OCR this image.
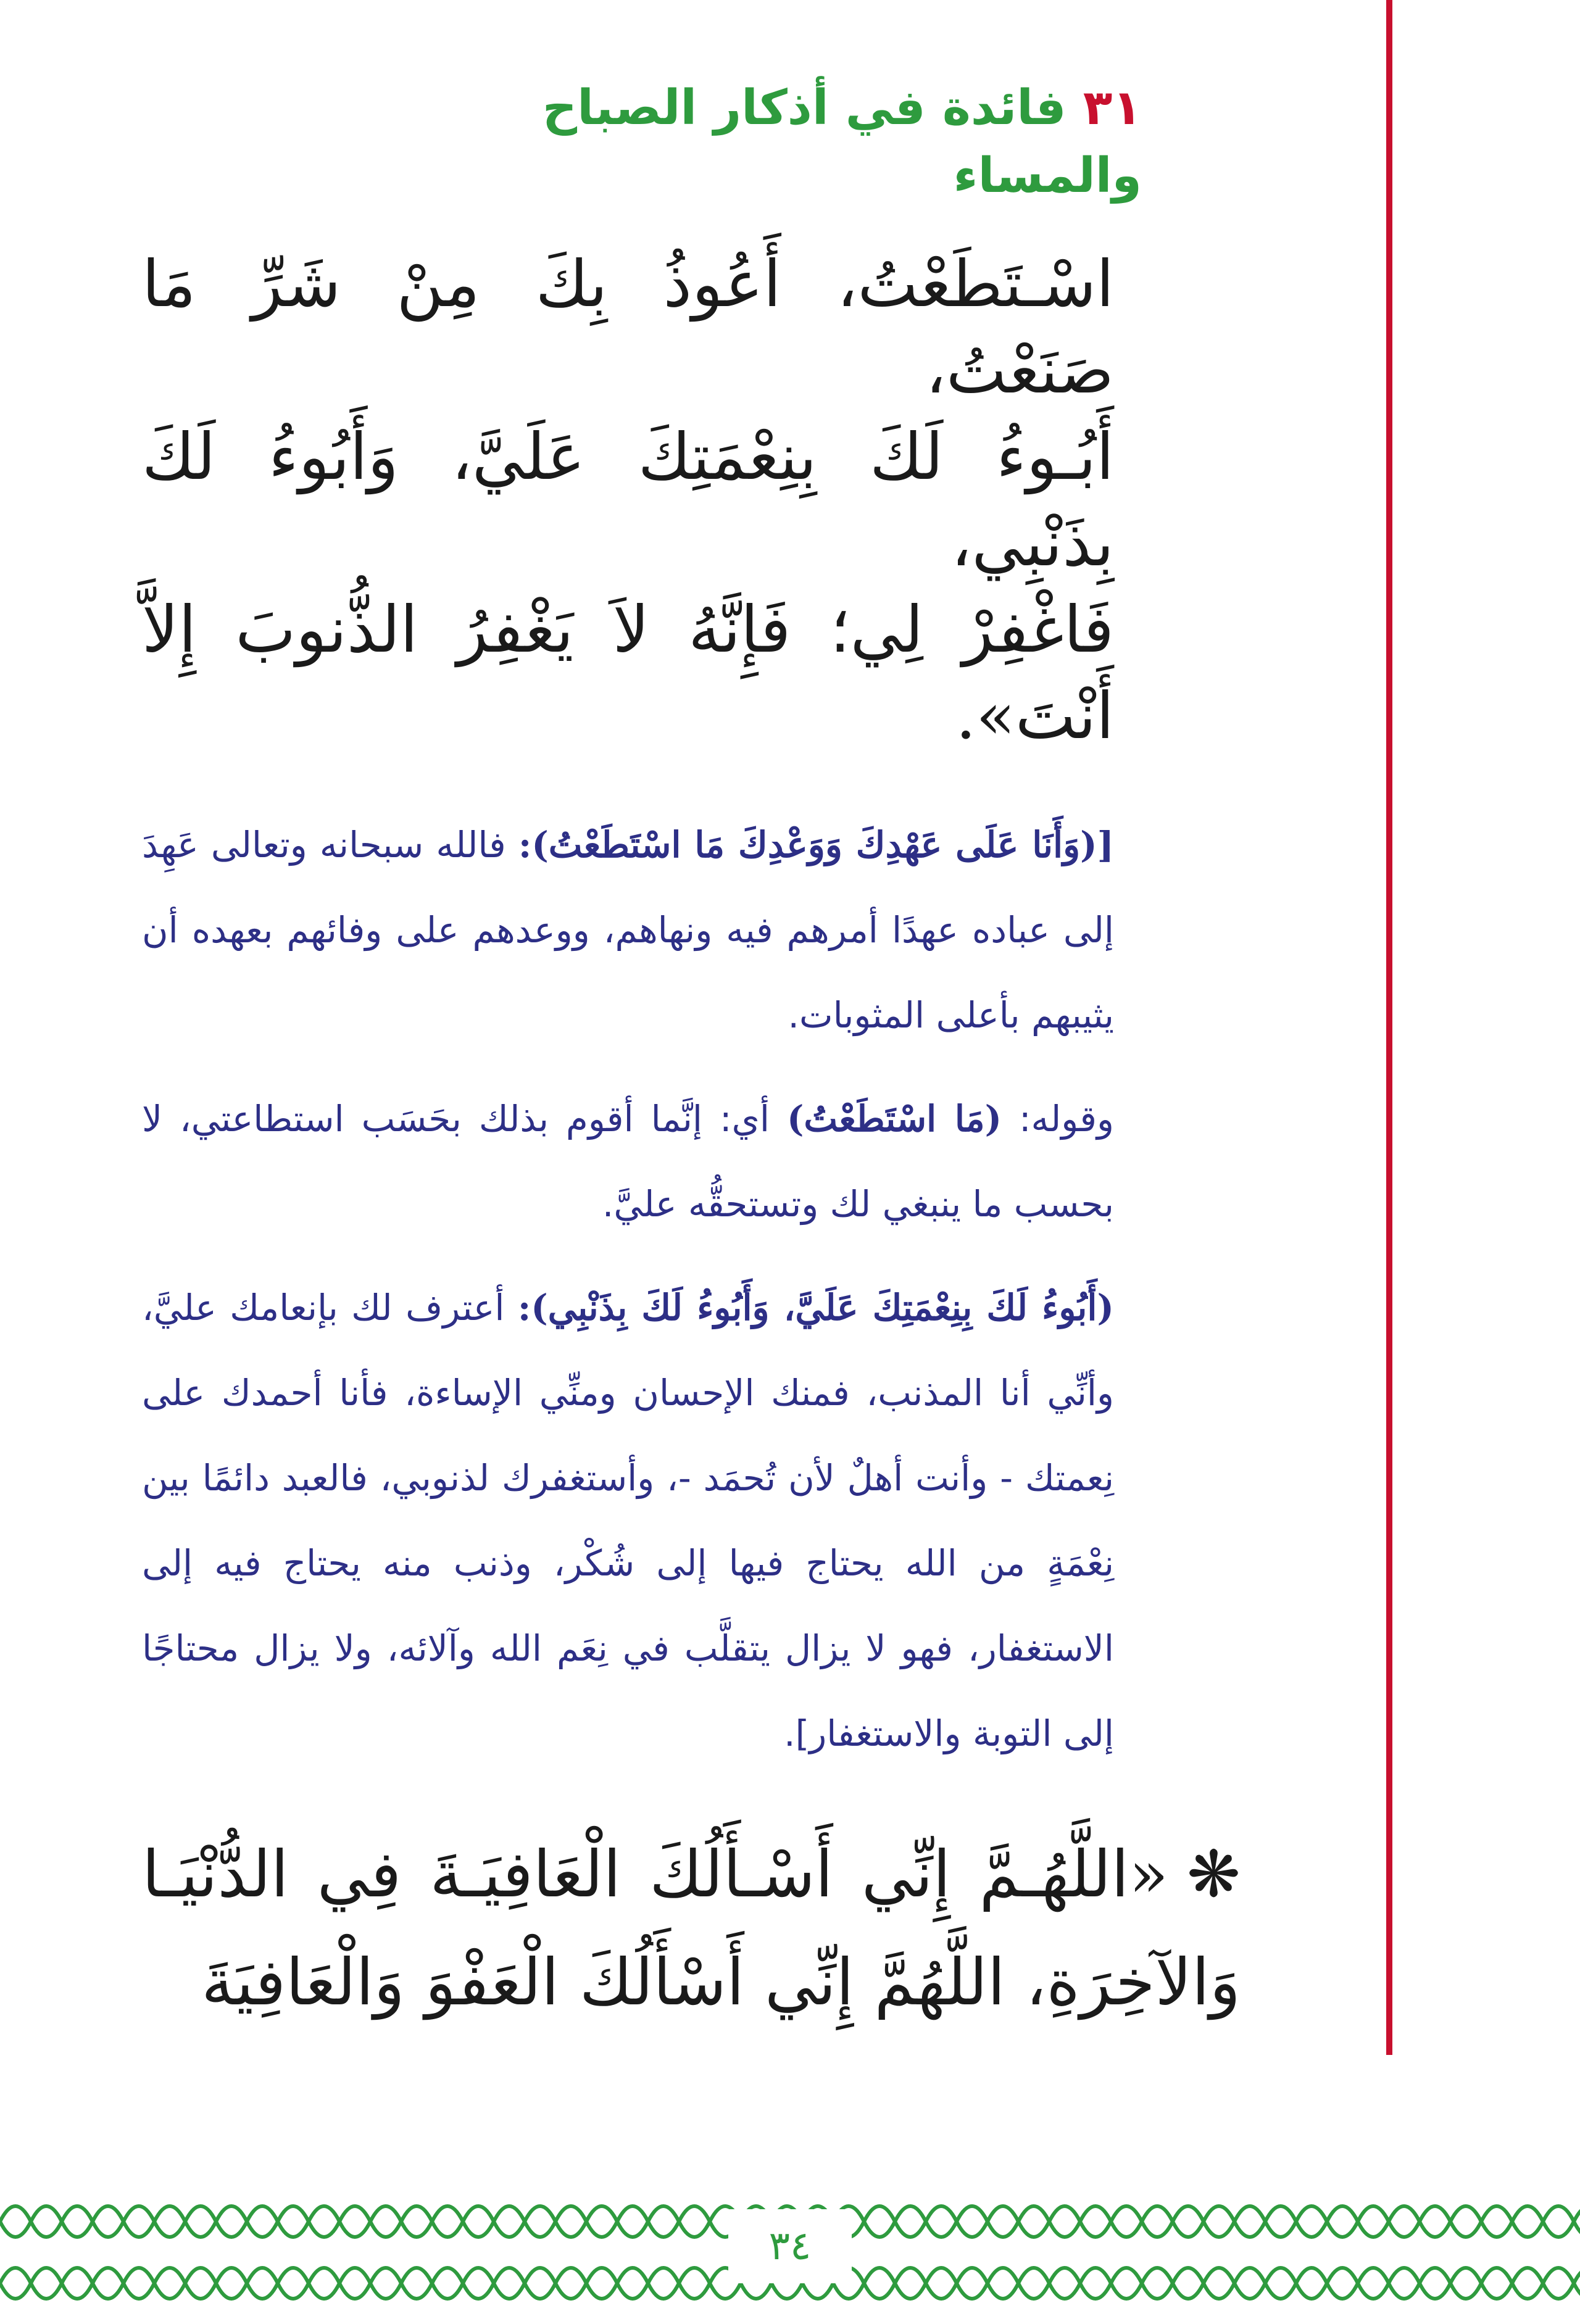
٣١ فائدة في أذكار الصباح والمساء
اسْـتَطَعْتُ، أَعُوذُ بِكَ مِنْ شَرِّ مَا صَنَعْتُ،
أَبُـوءُ لَكَ بِنِعْمَتِكَ عَلَيَّ، وَأَبُوءُ لَكَ بِذَنْبِي،
فَاغْفِرْ لِي؛ فَإِنَّهُ لاَ يَغْفِرُ الذُّنوبَ إِلاَّ أَنْتَ».

[(وَأَنَا عَلَى عَهْدِكَ وَوَعْدِكَ مَا اسْتَطَعْتُ): فالله سبحانه وتعالى عَهِدَ إلى عباده عهدًا أمرهم فيه ونهاهم، ووعدهم على وفائهم بعهده أن يثيبهم بأعلى المثوبات.

وقوله: (مَا اسْتَطَعْتُ) أي: إنَّما أقوم بذلك بحَسَب استطاعتي، لا بحسب ما ينبغي لك وتستحقُّه عليَّ.

(أَبُوءُ لَكَ بِنِعْمَتِكَ عَلَيَّ، وَأَبُوءُ لَكَ بِذَنْبِي): أعترف لك بإنعامك عليَّ، وأنِّي أنا المذنب، فمنك الإحسان ومنِّي الإساءة، فأنا أحمدك على نِعمتك - وأنت أهلٌ لأن تُحمَد -، وأستغفرك لذنوبي، فالعبد دائمًا بين نِعْمَةٍ من الله يحتاج فيها إلى شُكْر، وذنب منه يحتاج فيه إلى الاستغفار، فهو لا يزال يتقلَّب في نِعَم الله وآلائه، ولا يزال محتاجًا إلى التوبة والاستغفار].

❋«اللَّهُـمَّ إِنِّي أَسْـأَلُكَ الْعَافِيَـةَ فِي الدُّنْيَـا وَالآخِرَةِ، اللَّهُمَّ إِنِّي أَسْأَلُكَ الْعَفْوَ وَالْعَافِيَةَ
٣٤
